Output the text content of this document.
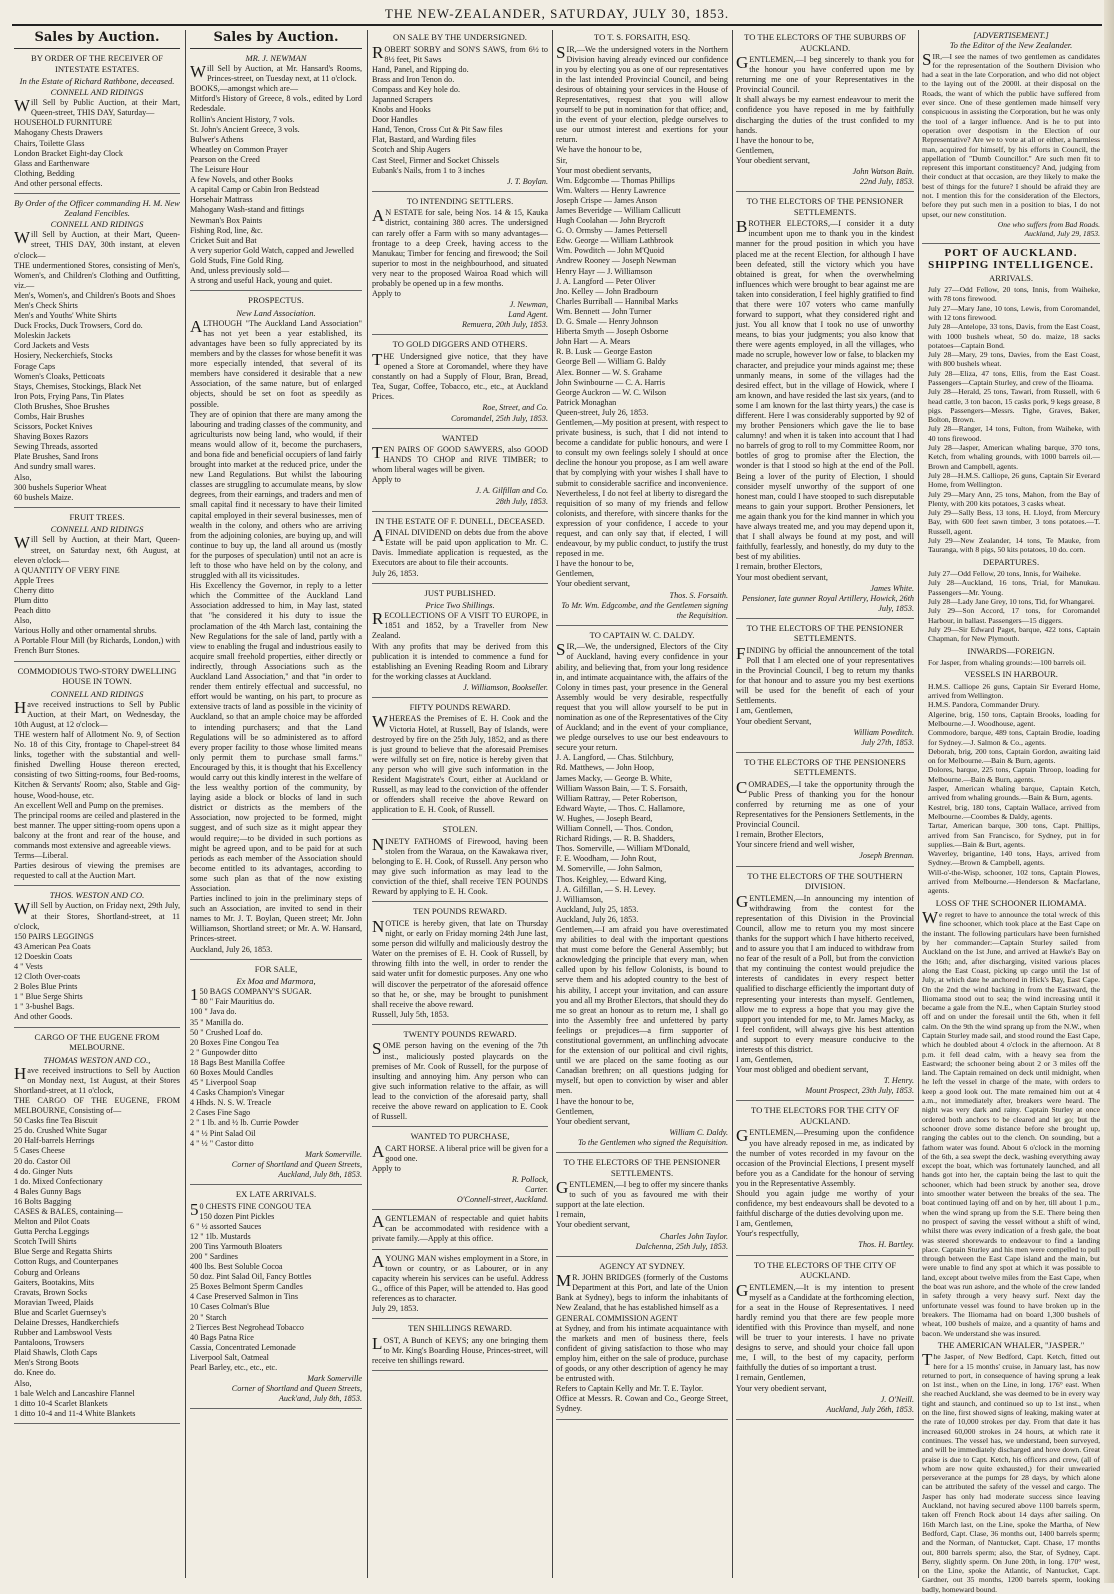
THE NEW-ZEALANDER, SATURDAY, JULY 30, 1853.
Sales by Auction.
BY ORDER OF THE RECEIVER OF INTESTATE ESTATES.
In the Estate of Richard Rathbone, deceased.
CONNELL AND RIDINGS
Will Sell by Public Auction, at their Mart, Queen-street, THIS DAY, Saturday—
HOUSEHOLD FURNITURE
Mahogany Chests Drawers
Chairs, Toilette Glass
London Bracket Eight-day Clock
Glass and Earthenware
Clothing, Bedding
And other personal effects.
By Order of the Officer commanding H. M. New Zealand Fencibles.
CONNELL AND RIDINGS
Will Sell by Auction, at their Mart, Queen-street, THIS DAY, 30th instant, at eleven o'clock—
THE undermentioned Stores, consisting of Men's, Women's, and Children's Clothing and Outfitting, viz.—
Men's, Women's, and Children's Boots and Shoes
Men's Check Shirts
Men's and Youths' White Shirts
Duck Frocks, Duck Trowsers, Cord do.
Moleskin Jackets
Cord Jackets and Vests
Hosiery, Neckerchiefs, Stocks
Forage Caps
Women's Cloaks, Petticoats
Stays, Chemises, Stockings, Black Net
Iron Pots, Frying Pans, Tin Plates
Cloth Brushes, Shoe Brushes
Combs, Hair Brushes
Scissors, Pocket Knives
Shaving Boxes Razors
Sewing Threads, assorted
Plate Brushes, Sand Irons
And sundry small wares.
Also,
300 bushels Superior Wheat
60 bushels Maize.
FRUIT TREES.
CONNELL AND RIDINGS
Will Sell by Auction, at their Mart, Queen-street, on Saturday next, 6th August, at eleven o'clock—
A QUANTITY OF VERY FINE
Apple Trees
Cherry ditto
Plum ditto
Peach ditto
Also,
Various Holly and other ornamental shrubs.
A Portable Flour Mill (by Richards, London,) with French Burr Stones.
COMMODIOUS TWO-STORY DWELLING HOUSE IN TOWN.
CONNELL AND RIDINGS
Have received instructions to Sell by Public Auction, at their Mart, on Wednesday, the 10th August, at 12 o'clock—
THE western half of Allotment No. 9, of Section No. 18 of this City, frontage to Chapel-street 84 links, together with the substantial and well-finished Dwelling House thereon erected, consisting of two Sitting-rooms, four Bed-rooms, Kitchen & Servants' Room; also, Stable and Gig-house, Wood-house, etc.
An excellent Well and Pump on the premises.
The principal rooms are ceiled and plastered in the best manner. The upper sitting-room opens upon a balcony at the front and rear of the house, and commands most extensive and agreeable views.
Terms—Liberal.
Parties desirous of viewing the premises are requested to call at the Auction Mart.
THOS. WESTON AND CO.
Will Sell by Auction, on Friday next, 29th July, at their Stores, Shortland-street, at 11 o'clock,
150 PAIRS LEGGINGS
43 American Pea Coats
12 Doeskin Coats
4 " Vests
12 Cloth Over-coats
2 Boles Blue Prints
1 " Blue Serge Shirts
1 " 3-bushel Bags.
And other Goods.
CARGO OF THE EUGENE FROM MELBOURNE.
THOMAS WESTON AND CO.,
Have received instructions to Sell by Auction on Monday next, 1st August, at their Stores Shortland-street, at 11 o'clock,
THE CARGO OF THE EUGENE, FROM MELBOURNE, Consisting of—
50 Casks fine Tea Biscuit
25 do. Crushed White Sugar
20 Half-barrels Herrings
5 Cases Cheese
20 do. Castor Oil
4 do. Ginger Nuts
1 do. Mixed Confectionary
4 Bales Gunny Bags
16 Bolts Bagging
CASES & BALES, containing—
Melton and Pilot Coats
Gutta Percha Leggings
Scotch Twill Shirts
Blue Serge and Regatta Shirts
Cotton Rugs, and Counterpanes
Coburg and Orleans
Gaiters, Bootakins, Mits
Cravats, Brown Socks
Moravian Tweed, Plaids
Blue and Scarlet Guernsey's
Delaine Dresses, Handkerchiefs
Rubber and Lambswool Vests
Pantaloons, Trowsers
Plaid Shawls, Cloth Caps
Men's Strong Boots
do. Knee do.
Also,
1 bale Welch and Lancashire Flannel
1 ditto 10-4 Scarlet Blankets
1 ditto 10-4 and 11-4 White Blankets
Sales by Auction.
MR. J. NEWMAN
Will Sell by Auction, at Mr. Hansard's Rooms, Princes-street, on Tuesday next, at 11 o'clock.
BOOKS,—amongst which are—
Mitford's History of Greece, 8 vols., edited by Lord Redesdale.
Rollin's Ancient History, 7 vols.
St. John's Ancient Greece, 3 vols.
Bulwer's Athens
Wheatley on Common Prayer
Pearson on the Creed
The Leisure Hour
A few Novels, and other Books
A capital Camp or Cabin Iron Bedstead
Horsehair Mattrass
Mahogany Wash-stand and fittings
Newman's Box Paints
Fishing Rod, line, &c.
Cricket Suit and Bat
A very superior Gold Watch, capped and Jewelled
Gold Studs, Fine Gold Ring.
And, unless previously sold—
A strong and useful Hack, young and quiet.
PROSPECTUS.
New Land Association.
ALTHOUGH "The Auckland Land Association" has not yet been a year established, its advantages have been so fully appreciated by its members and by the classes for whose benefit it was more especially intended, that several of its members have considered it desirable that a new Association, of the same nature, but of enlarged objects, should be set on foot as speedily as possible.
They are of opinion that there are many among the labouring and trading classes of the community, and agriculturists now being land, who would, if their means would allow of it, become the purchasers, and bona fide and beneficial occupiers of land fairly brought into market at the reduced price, under the new Land Regulations. But whilst the labouring classes are struggling to accumulate means, by slow degrees, from their earnings, and traders and men of small capital find it necessary to have their limited capital employed in their several businesses, men of wealth in the colony, and others who are arriving from the adjoining colonies, are buying up, and will continue to buy up, the land all around us (mostly for the purposes of speculation) until not an acre is left to those who have held on by the colony, and struggled with all its vicissitudes.
His Excellency the Governor, in reply to a letter which the Committee of the Auckland Land Association addressed to him, in May last, stated that "he considered it his duty to issue the proclamation of the 4th March last, containing the New Regulations for the sale of land, partly with a view to enabling the frugal and industrious easily to acquire small freehold properties, either directly or indirectly, through Associations such as the Auckland Land Association," and that "in order to render them entirely effectual and successful, no effort would be wanting, on his part, to procure as extensive tracts of land as possible in the vicinity of Auckland, so that an ample choice may be afforded to intending purchasers; and that the Land Regulations will be so administered as to afford every proper facility to those whose limited means only permit them to purchase small farms." Encouraged by this, it is thought that his Excellency would carry out this kindly interest in the welfare of the less wealthy portion of the community, by laying aside a block or blocks of land in such district or districts as the members of the Association, now projected to be formed, might suggest, and of such size as it might appear they would require;—to be divided in such portions as might be agreed upon, and to be paid for at such periods as each member of the Association should become entitled to its advantages, according to some such plan as that of the now existing Association.
Parties inclined to join in the preliminary steps of such an Association, are invited to send in their names to Mr. J. T. Boylan, Queen street; Mr. John Williamson, Shortland street; or Mr. A. W. Hansard, Princes-street.
Auckland, July 26, 1853.
FOR SALE,
Ex Moa and Marmora,
150 BAGS COMPANY'S SUGAR.
80 " Fair Mauritius do.
100 " Java do.
35 " Manilla do.
50 " Crushed Loaf do.
20 Boxes Fine Congou Tea
2 " Gunpowder ditto
18 Bags Best Manilla Coffee
60 Boxes Mould Candles
45 " Liverpool Soap
4 Casks Champion's Vinegar
4 Hhds. N. S. W. Treacle
2 Cases Fine Sago
2 " 1 lb. and ½ lb. Currie Powder
4 " ½ Pint Salad Oil
4 " ½ " Castor ditto
Mark Somerville.
Corner of Shortland and Queen Streets,
Auckland, July 8th, 1853.
EX LATE ARRIVALS.
50 CHESTS FINE CONGOU TEA
150 dozen Pint Pickles
6 " ½ assorted Sauces
12 " 1lb. Mustards
200 Tins Yarmouth Bloaters
200 " Sardines
400 lbs. Best Soluble Cocoa
50 doz. Pint Salad Oil, Fancy Bottles
25 Boxes Belmont Sperm Candles
4 Case Preserved Salmon in Tins
10 Cases Colman's Blue
20 " Starch
2 Tierces Best Negrohead Tobacco
40 Bags Patna Rice
Cassia, Concentrated Lemonade
Liverpool Salt, Oatmeal
Pearl Barley, etc., etc., etc.
Mark Somerville
Corner of Shortland and Queen Streets,
Auck'and, July 8th, 1853.
ON SALE BY THE UNDERSIGNED.
ROBERT SORBY and SON'S SAWS, from 6½ to 8½ feet, Pit Saws
Hand, Panel, and Ripping do.
Brass and Iron Tenon do.
Compass and Key hole do.
Japanned Scrapers
Knobs and Hooks
Door Handles
Hand, Tenon, Cross Cut & Pit Saw files
Flat, Bastard, and Warding files
Scotch and Ship Augers
Cast Steel, Firmer and Socket Chissels
Eubank's Nails, from 1 to 3 inches
J. T. Boylan.
TO INTENDING SETTLERS.
AN ESTATE for sale, being Nos. 14 & 15, Kauka district, containing 380 acres. The undersigned can rarely offer a Farm with so many advantages—frontage to a deep Creek, having access to the Manukau; Timber for fencing and firewood; the Soil superior to most in the neighbourhood, and situated very near to the proposed Wairoa Road which will probably be opened up in a few months.
Apply to
J. Newman,
Land Agent.
Remuera, 20th July, 1853.
TO GOLD DIGGERS AND OTHERS.
THE Undersigned give notice, that they have opened a Store at Coromandel, where they have constantly on had a Supply of Flour, Bran, Bread, Tea, Sugar, Coffee, Tobacco, etc., etc., at Auckland Prices.
Roe, Street, and Co.
Coromandel, 25th July, 1853.
WANTED
TEN PAIRS OF GOOD SAWYERS, also GOOD HANDS TO CHOP and RIVE TIMBER; to whom liberal wages will be given.
Apply to
J. A. Gilfillan and Co.
28th July, 1853.
IN THE ESTATE OF F. DUNELL, DECEASED.
AFINAL DIVIDEND on debts due from the above Estate will be paid upon application to Mr. C. Davis. Immediate application is requested, as the Executors are about to file their accounts.
July 26, 1853.
JUST PUBLISHED.
Price Two Shillings.
RECOLLECTIONS OF A VISIT TO EUROPE, in 1851 and 1852, by a Traveller from New Zealand.
With any profits that may be derived from this publication it is intended to commence a fund for establishing an Evening Reading Room and Library for the working classes at Auckland.
J. Williamson, Bookseller.
FIFTY POUNDS REWARD.
WHEREAS the Premises of E. H. Cook and the Victoria Hotel, at Russell, Bay of Islands, were destroyed by fire on the 25th July, 1852, and as there is just ground to believe that the aforesaid Premises were wilfully set on fire, notice is hereby given that any person who will give such information in the Resident Magistrate's Court, either at Auckland or Russell, as may lead to the conviction of the offender or offenders shall receive the above Reward on application to E. H. Cook, of Russell.
STOLEN.
NINETY FATHOMS of Firewood, having been stolen from the Waraua, on the Kawakawa river, belonging to E. H. Cook, of Russell. Any person who may give such information as may lead to the conviction of the thief, shall receive TEN POUNDS Reward by applying to E. H. Cook.
TEN POUNDS REWARD.
NOTICE is hereby given, that late on Thursday night, or early on Friday morning 24th June last, some person did wilfully and maliciously destroy the Water on the premises of E. H. Cook of Russell, by throwing filth into the well, in order to render the said water unfit for domestic purposes. Any one who will discover the perpetrator of the aforesaid offence so that he, or she, may be brought to punishment shall receive the above reward.
Russell, July 5th, 1853.
TWENTY POUNDS REWARD.
SOME person having on the evening of the 7th inst., maliciously posted playcards on the premises of Mr. Cook of Russell, for the purpose of insulting and annoying him. Any person who can give such information relative to the affair, as will lead to the conviction of the aforesaid party, shall receive the above reward on application to E. Cook of Russell.
WANTED TO PURCHASE,
ACART HORSE. A liberal price will be given for a good one.
Apply to
R. Pollock,
Carter.
O'Connell-street, Auckland.
AGENTLEMAN of respectable and quiet habits can be accommodated with residence with a private family.—Apply at this office.
AYOUNG MAN wishes employment in a Store, in town or country, or as Labourer, or in any capacity wherein his services can be useful. Address G., office of this Paper, will be attended to. Has good references as to character.
July 29, 1853.
TEN SHILLINGS REWARD.
LOST, A Bunch of KEYS; any one bringing them to Mr. King's Boarding House, Princes-street, will receive ten shillings reward.
TO T. S. FORSAITH, ESQ.
SIR,—We the undersigned voters in the Northern Division having already evinced our confidence in you by electing you as one of our representatives in the last intended Provincial Council, and being desirous of obtaining your services in the House of Representatives, request that you will allow yourself to be put in nomination for that office; and, in the event of your election, pledge ourselves to use our utmost interest and exertions for your return.
We have the honour to be,
Sir,
Your most obedient servants,
Wm. Edgcombe — Thomas Phillips
Wm. Walters — Henry Lawrence
Joseph Crispe — James Anson
James Beveridge — William Callicutt
Hugh Coolahan — John Brycroft
G. O. Ormsby — James Pettersell
Edw. George — William Lathbrook
Wm. Powditch — John M'Quoid
Andrew Rooney — Joseph Newman
Henry Hayr — J. Williamson
J. A. Langford — Peter Oliver
Jno. Kelley — John Bradbourn
Charles Burriball — Hannibal Marks
Wm. Bennett — John Turner
D. G. Smale — Henry Johnson
Hiberta Smyth — Joseph Osborne
John Hart — A. Mears
R. B. Lusk — George Easton
George Bell — William G. Baldy
Alex. Bonner — W. S. Grahame
John Swinbourne — C. A. Harris
George Auckron — W. C. Wilson
Patrick Monaghan
Queen-street, July 26, 1853.
Gentlemen,—My position at present, with respect to private business, is such, that I did not intend to become a candidate for public honours, and were I to consult my own feelings solely I should at once decline the honour you propose, as I am well aware that by complying with your wishes I shall have to submit to considerable sacrifice and inconvenience. Nevertheless, I do not feel at liberty to disregard the requisition of so many of my friends and fellow colonists, and therefore, with sincere thanks for the expression of your confidence, I accede to your request, and can only say that, if elected, I will endeavour, by my public conduct, to justify the trust reposed in me.
I have the honour to be,
Gentlemen,
Your obedient servant,
Thos. S. Forsaith.
To Mr. Wm. Edgcombe, and the Gentlemen signing the Requisition.
TO CAPTAIN W. C. DALDY.
SIR,—We, the undersigned, Electors of the City of Auckland, having every confidence in your ability, and believing that, from your long residence in, and intimate acquaintance with, the affairs of the Colony in times past, your presence in the General Assembly would be very desirable, respectfully request that you will allow yourself to be put in nomination as one of the Representatives of the City of Auckland; and in the event of your compliance, we pledge ourselves to use our best endeavours to secure your return.
J. A. Langford, — Chas. Stilchbury,
Rd. Matthews, — John Hoop,
James Macky, — George B. White,
William Wasson Bain, — T. S. Forsaith,
William Rattray, — Peter Robertson,
Edward Wayte, — Thos. C. Hallamore,
W. Hughes, — Joseph Beard,
William Connell, — Thos. Condon,
Richard Ridings, — R. B. Shadders,
Thos. Somerville, — William M'Donald,
F. E. Woodham, — John Rout,
M. Somerville, — John Salmon,
Thos. Keighley, — Edward King,
J. A. Gilfillan, — S. H. Levey.
J. Williamson,
Auckland, July 25, 1853.
Auckland, July 26, 1853.
Gentlemen,—I am afraid you have overestimated my abilities to deal with the important questions that must come before the General Assembly; but acknowledging the principle that every man, when called upon by his fellow Colonists, is bound to serve them and his adopted country to the best of his ability, I accept your invitation, and can assure you and all my Brother Electors, that should they do me so great an honour as to return me, I shall go into the Assembly free and unfettered by party feelings or prejudices—a firm supporter of constitutional government, an unflinching advocate for the extension of our political and civil rights, until we are placed on the same footing as our Canadian brethren; on all questions judging for myself, but open to conviction by wiser and abler men.
I have the honour to be,
Gentlemen,
Your obedient servant,
William C. Daldy.
To the Gentlemen who signed the Requisition.
TO THE ELECTORS OF THE PENSIONER SETTLEMENTS.
GENTLEMEN,—I beg to offer my sincere thanks to such of you as favoured me with their support at the late election.
I remain,
Your obedient servant,
Charles John Taylor.
Dalchenna, 25th July, 1853.
AGENCY AT SYDNEY.
MR. JOHN BRIDGES (formerly of the Customs Department at this Port, and late of the Union Bank at Sydney), begs to inform the inhabitants of New Zealand, that he has established himself as a
GENERAL COMMISSION AGENT
at Sydney, and from his intimate acquaintance with the markets and men of business there, feels confident of giving satisfaction to those who may employ him, either on the sale of produce, purchase of goods, or any other description of agency he may be entrusted with.
Refers to Captain Kelly and Mr. T. E. Taylor.
Office at Messrs. R. Cowan and Co., George Street, Sydney.
TO THE ELECTORS OF THE SUBURBS OF AUCKLAND.
GENTLEMEN,—I beg sincerely to thank you for the honour you have conferred upon me by returning me one of your Representatives in the Provincial Council.
It shall always be my earnest endeavour to merit the confidence you have reposed in me by faithfully discharging the duties of the trust confided to my hands.
I have the honour to be,
Gentlemen,
Your obedient servant,
John Watson Bain.
22nd July, 1853.
TO THE ELECTORS OF THE PENSIONER SETTLEMENTS.
BROTHER ELECTORS,—I consider it a duty incumbent upon me to thank you in the kindest manner for the proud position in which you have placed me at the recent Election, for although I have been defeated, still the victory which you have obtained is great, for when the overwhelming influences which were brought to bear against me are taken into consideration, I feel highly gratified to find that there were 107 voters who came manfully forward to support, what they considered right and just. You all know that I took no use of unworthy means, to bias your judgments; you also know that there were agents employed, in all the villages, who made no scruple, however low or false, to blacken my character, and prejudice your minds against me; these unmanly means, in some of the villages had the desired effect, but in the village of Howick, where I am known, and have resided the last six years, (and to some I am known for the last thirty years,) the case is different. Here I was considerably supported by 92 of my brother Pensioners which gave the lie to base calumny! and when it is taken into account that I had no barrels of grog to roll to my Committee Room, nor bottles of grog to promise after the Election, the wonder is that I stood so high at the end of the Poll. Being a lover of the purity of Election, I should consider myself unworthy of the support of one honest man, could I have stooped to such disreputable means to gain your support. Brother Pensioners, let me again thank you for the kind manner in which you have always treated me, and you may depend upon it, that I shall always be found at my post, and will faithfully, fearlessly, and honestly, do my duty to the best of my abilities.
I remain, brother Electors,
Your most obedient servant,
James White.
Pensioner, late gunner Royal Artillery, Howick, 26th July, 1853.
TO THE ELECTORS OF THE PENSIONER SETTLEMENTS.
FINDING by official the announcement of the total Poll that I am elected one of your representatives in the Provincial Council, I beg to return my thanks for that honour and to assure you my best exertions will be used for the benefit of each of your Settlements.
I am, Gentlemen,
Your obedient Servant,
William Powditch.
July 27th, 1853.
TO THE ELECTORS OF THE PENSIONERS SETTLEMENTS.
COMRADES,—I take the opportunity through the Public Press of thanking you for the honour conferred by returning me as one of your Representatives for the Pensioners Settlements, in the Provincial Council.
I remain, Brother Electors,
Your sincere friend and well wisher,
Joseph Brennan.
TO THE ELECTORS OF THE SOUTHERN DIVISION.
GENTLEMEN,—In announcing my intention of withdrawing from the contest for the representation of this Division in the Provincial Council, allow me to return you my most sincere thanks for the support which I have hitherto received, and to assure you that I am induced to withdraw from no fear of the result of a Poll, but from the conviction that my continuing the contest would prejudice the interests of candidates in every respect better qualified to discharge efficiently the important duty of representing your interests than myself. Gentlemen, allow me to express a hope that you may give the support you intended for me, to Mr. James Macky, as I feel confident, will always give his best attention and support to every measure conducive to the interests of this district.
I am, Gentlemen,
Your most obliged and obedient servant,
T. Henry.
Mount Prospect, 23th July, 1853.
TO THE ELECTORS FOR THE CITY OF AUCKLAND.
GENTLEMEN,—Presuming upon the confidence you have already reposed in me, as indicated by the number of votes recorded in my favour on the occasion of the Provincial Elections, I present myself before you as a Candidate for the honour of serving you in the Representative Assembly.
Should you again judge me worthy of your confidence, my best endeavours shall be devoted to a faithful discharge of the duties devolving upon me.
I am, Gentlemen,
Your's respectfully,
Thos. H. Bartley.
TO THE ELECTORS OF THE CITY OF AUCKLAND.
GENTLEMEN,—It is my intention to present myself as a Candidate at the forthcoming election, for a seat in the House of Representatives. I need hardly remind you that there are few people more identified with this Province than myself, and none will be truer to your interests. I have no private designs to serve, and should your choice fall upon me, I will, to the best of my capacity, perform faithfully the duties of so important a trust.
I remain, Gentlemen,
Your very obedient servant,
J. O'Neill.
Auckland, July 26th, 1853.
[ADVERTISEMENT.]
To the Editor of the New Zealander.
SIR,—I see the names of two gentlemen as candidates for the representation of the Southern Division who had a seat in the late Corporation, and who did not object to the laying out of the 2000l. at their disposal on the Roads, the want of which the public have suffered from ever since. One of these gentlemen made himself very conspicuous in assisting the Corporation, but he was only the tool of a larger influence. And is he to put into operation over despotism in the Election of our Representative? Are we to vote at all or either, a harmless man, acquired for himself, by his efforts in Council, the appellation of "Dumb Councillor." Are such men fit to represent this important constituency? And, judging from their conduct at that occasion, are they likely to make the best of things for the future? I should be afraid they are not. I mention this for the consideration of the Electors, before they put such men in a position to bias, I do not upset, our new constitution.
One who suffers from Bad Roads.
Auckland, July 29, 1853.
PORT OF AUCKLAND.
SHIPPING INTELLIGENCE.
ARRIVALS.
July 27—Odd Fellow, 20 tons, Innis, from Waiheke, with 78 tons firewood.
July 27—Mary Jane, 10 tons, Lewis, from Coromandel, with 12 tons firewood.
July 28—Antelope, 33 tons, Davis, from the East Coast, with 1000 bushels wheat, 50 do. maize, 18 sacks potatoes—Captain Bond.
July 28—Mary, 29 tons, Davies, from the East Coast, with 800 bushels wheat.
July 28—Eliza, 47 tons, Ellis, from the East Coast. Passengers—Captain Sturley, and crew of the Ilioama.
July 28—Herald, 25 tons, Tawari, from Russell, with 6 head cattle, 3 ton bacon, 15 casks pork, 9 kegs grease, 8 pigs. Passengers—Messrs. Tighe, Graves, Baker, Bolton, Brown.
July 28—Ranger, 14 tons, Fulton, from Waiheke, with 40 tons firewood.
July 28—Jasper, American whaling barque, 370 tons, Ketch, from whaling grounds, with 1000 barrels oil.—Brown and Campbell, agents.
July 28—H.M.S. Calliope, 26 guns, Captain Sir Everard Home, from Wellington.
July 29—Mary Ann, 25 tons, Mahon, from the Bay of Plenty, with 200 kits potatoes, 3 casks wheat.
July 29—Sally Bess, 13 tons, H. Lloyd, from Mercury Bay, with 600 feet sawn timber, 3 tons potatoes.—T. Russell, agent.
July 29—New Zealander, 14 tons, Te Mauke, from Tauranga, with 8 pigs, 50 kits potatoes, 10 do. corn.
DEPARTURES.
July 27—Odd Fellow, 20 tons, Innis, for Waiheke.
July 28—Auckland, 16 tons, Trial, for Manukau. Passengers—Mr. Young.
July 28—Lady Jane Grey, 10 tons, Tid, for Whangarei.
July 29—Son Accord, 17 tons, for Coromandel Harbour, in ballast. Passengers—15 diggers.
July 29—Sir Edward Paget, barque, 422 tons, Captain Chapman, for New Plymouth.
INWARDS—FOREIGN.
For Jasper, from whaling grounds:—100 barrels oil.
VESSELS IN HARBOUR.
H.M.S. Calliope 26 guns, Captain Sir Everard Home, arrived from Wellington.
H.M.S. Pandora, Commander Drury.
Algerine, brig, 150 tons, Captain Brooks, loading for Melbourne.—J. Woodhouse, agent.
Commodore, barque, 489 tons, Captain Brodie, loading for Sydney.—J. Salmon & Co., agents.
Deborah, brig, 200 tons, Captain Gordon, awaiting laid on for Melbourne.—Bain & Burn, agents.
Dolores, barque, 225 tons, Captain Throop, loading for Melbourne.—Bain & Burn, agents.
Jasper, American whaling barque, Captain Ketch, arrived from whaling grounds.—Bain & Burn, agents.
Kestrel, brig, 180 tons, Captain Wallace, arrived from Melbourne.—Coombes & Daldy, agents.
Tartar, American barque, 300 tons, Capt. Phillips, arrived from San Francisco, for Sydney, put in for supplies.—Bain & Burt, agents.
Waverley, brigantine, 140 tons, Hays, arrived from Sydney.—Brown & Campbell, agents.
Will-o'-the-Wisp, schooner, 102 tons, Captain Plowes, arrived from Melbourne.—Henderson & Macfarlane, agents.
LOSS OF THE SCHOONER ILIOMAMA.
We regret to have to announce the total wreck of this fine schooner, which took place at the East Cape on the instant. The following particulars have been furnished by her commander:—Captain Sturley sailed from Auckland on the 1st June, and arrived at Hawke's Bay on the 16th; and, after discharging, visited various places along the East Coast, picking up cargo until the 1st of July, at which date he anchored in Hick's Bay, East Cape. On the 2nd the wind backing in from the Eastward, the Iliomama stood out to sea; the wind increasing until it became a gale from the N.E., when Captain Sturley stood off and on under the foresail until the 6th, when it fell calm. On the 9th the wind sprang up from the N.W., when Captain Sturley made sail, and stood round the East Cape, which he doubled about 4 o'clock in the afternoon. At 8 p.m. it fell dead calm, with a heavy sea from the Eastward; the schooner being about 2 or 3 miles off the land. The Captain remained on deck until midnight, when he left the vessel in charge of the mate, with orders to keep a good look out. The mate remained him out at 4 a.m., not immediately after, breakers were heard. The night was very dark and rainy. Captain Sturley at once ordered both anchors to be cleared and let go; but the schooner drove some distance before she brought up, ranging the cables out to the clench. On sounding, but a fathom water was found. About 6 o'clock in the morning of the 6th, a sea swept the deck, washing everything away except the boat, which was fortunately launched, and all hands got into her, the captain being the last to quit the schooner, which had been struck by another sea, drove into smoother water between the breaks of the sea. The boat continued laying off and on by her, till about 1 p.m., when the wind sprang up from the S.E. There being then no prospect of saving the vessel without a shift of wind, whilst there was every indication of a fresh gale, the boat was steered shorewards to endeavour to find a landing place. Captain Sturley and his men were compelled to pull through between the East Cape island and the main, but were unable to find any spot at which it was possible to land, except about twelve miles from the East Cape, when the boat was run ashore, and the whole of the crew landed in safety through a very heavy surf. Next day the unfortunate vessel was found to have broken up in the breakers. The Iliomama had on board 1,300 bushels of wheat, 100 bushels of maize, and a quantity of hams and bacon. We understand she was insured.
THE AMERICAN WHALER, "JASPER."
The Jasper, of New Bedford, Capt. Ketch, fitted out here for a 15 months' cruise, in January last, has now returned to port, in consequence of having sprung a leak on 1st inst., when on the Line, in long. 176° east. When she reached Auckland, she was deemed to be in every way tight and staunch, and continued so up to 1st inst., when on the line, first showed signs of leaking, making water at the rate of 10,000 strokes per day. From that date it has increased 60,000 strokes in 24 hours, at which rate it continues. The vessel has, we understand, been surveyed, and will be immediately discharged and hove down. Great praise is due to Capt. Ketch, his officers and crew, (all of whom are now quite exhausted,) for their unwearied perseverance at the pumps for 28 days, by which alone can be attributed the safety of the vessel and cargo. The Jasper has only had moderate success since leaving Auckland, not having secured above 1100 barrels sperm, taken off French Rock about 14 days after sailing. On 16th March last, on the Line, spoke the Martha, of New Bedford, Capt. Clase, 36 months out, 1400 barrels sperm; and the Norman, of Nantucket, Capt. Chase, 17 months out, 800 barrels sperm; also, the Star, of Sydney, Capt. Berry, slightly sperm. On June 20th, in long. 170° west, on the Line, spoke the Atlantic, of Nantucket, Capt. Gardner, out 35 months, 1200 barrels sperm, looking badly, homeward bound.
